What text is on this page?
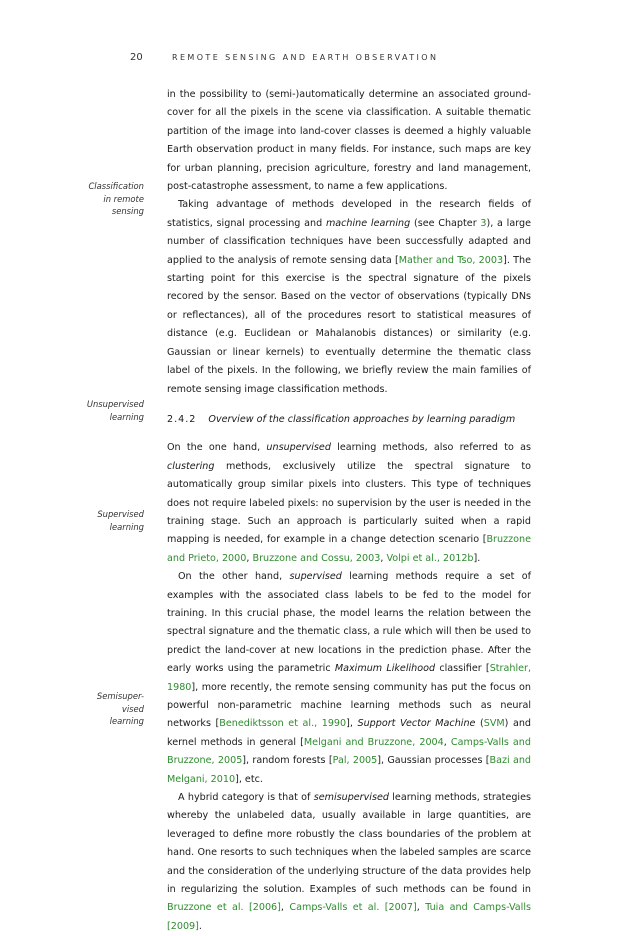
20	REMOTE SENSING AND EARTH OBSERVATION
Classification
in remote
sensing
Unsupervised
learning
Supervised
learning
Semisuper-
vised
learning

in the possibility to (semi-)automatically determine an associated ground-cover for all the pixels in the scene via classification. A suitable thematic partition of the image into land-cover classes is deemed a highly valuable Earth observation product in many fields. For instance, such maps are key for urban planning, precision agriculture, forestry and land management, post-catastrophe assessment, to name a few applications.

Taking advantage of methods developed in the research fields of statistics, signal processing and machine learning (see Chapter 3), a large number of classification techniques have been successfully adapted and applied to the analysis of remote sensing data [Mather and Tso, 2003]. The starting point for this exercise is the spectral signature of the pixels recored by the sensor. Based on the vector of observations (typically DNs or reflectances), all of the procedures resort to statistical measures of distance (e.g. Euclidean or Mahalanobis distances) or similarity (e.g. Gaussian or linear kernels) to eventually determine the thematic class label of the pixels. In the following, we briefly review the main families of remote sensing image classification methods.

2.4.2 Overview of the classification approaches by learning paradigm

On the one hand, unsupervised learning methods, also referred to as clustering methods, exclusively utilize the spectral signature to automatically group similar pixels into clusters. This type of techniques does not require labeled pixels: no supervision by the user is needed in the training stage. Such an approach is particularly suited when a rapid mapping is needed, for example in a change detection scenario [Bruzzone and Prieto, 2000, Bruzzone and Cossu, 2003, Volpi et al., 2012b].

On the other hand, supervised learning methods require a set of examples with the associated class labels to be fed to the model for training. In this crucial phase, the model learns the relation between the spectral signature and the thematic class, a rule which will then be used to predict the land-cover at new locations in the prediction phase. After the early works using the parametric Maximum Likelihood classifier [Strahler, 1980], more recently, the remote sensing community has put the focus on powerful non-parametric machine learning methods such as neural networks [Benediktsson et al., 1990], Support Vector Machine (SVM) and kernel methods in general [Melgani and Bruzzone, 2004, Camps-Valls and Bruzzone, 2005], random forests [Pal, 2005], Gaussian processes [Bazi and Melgani, 2010], etc.

A hybrid category is that of semisupervised learning methods, strategies whereby the unlabeled data, usually available in large quantities, are leveraged to define more robustly the class boundaries of the problem at hand. One resorts to such techniques when the labeled samples are scarce and the consideration of the underlying structure of the data provides help in regularizing the solution. Examples of such methods can be found in Bruzzone et al. [2006], Camps-Valls et al. [2007], Tuia and Camps-Valls [2009].
